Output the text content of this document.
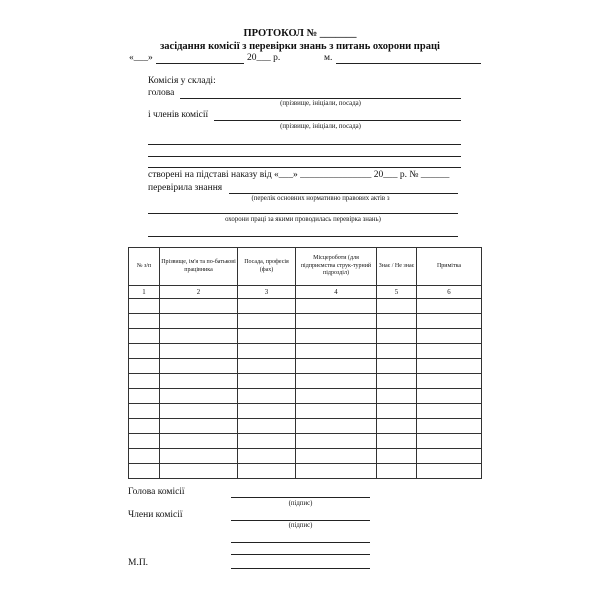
ПРОТОКОЛ № _______
засідання комісії з перевірки знань з питань охорони праці
«___»	20___ р.	м.
Комісія у складі:
голова
(прізвище, ініціали, посада)
і членів комісії
(прізвище, ініціали, посада)
створені на підставі наказу від «___» _______________ 20___ р. № ______
перевірила знання
(перелік основних нормативно правових актів з
охорони праці за якими проводилась перевірка знань)
№ з/п	Прізвище, ім'я та по-батькові працівника	Посада, професія (фах)	Місцероботи (для підприємства струк-турний підрозділ)	Знає / Не знає	Примітка
1	2	3	4	5	6

Голова комісії
(підпис)
Члени комісії
(підпис)
М.П.
